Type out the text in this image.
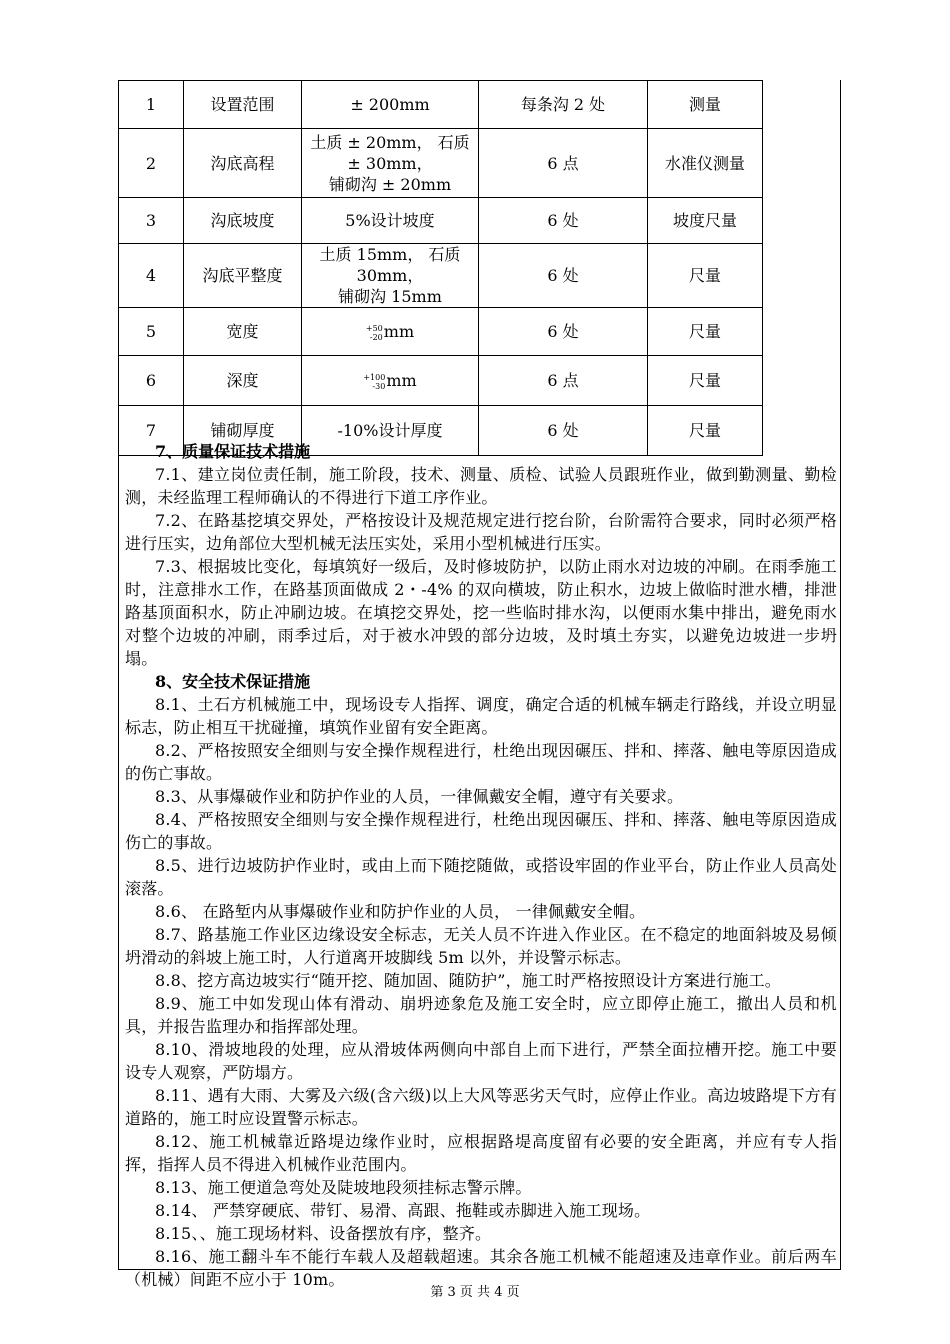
1	设置范围	± 200mm	每条沟 2 处	测量
2	沟底高程	土质 ± 20mm， 石质
± 30mm，
铺砌沟 ± 20mm	6 点	水准仪测量
3	沟底坡度	5%设计坡度	6 处	坡度尺量
4	沟底平整度	土质 15mm， 石质 30mm，
铺砌沟 15mm	6 处	尺量
5	宽度	+50
-20 mm	6 处	尺量
6	深度	+100
-30 mm	6 点	尺量
7	铺砌厚度	-10%设计厚度	6 处	尺量
7、质量保证技术措施
7.1、建立岗位责任制，施工阶段，技术、测量、质检、试验人员跟班作业，做到勤测量、勤检测，未经监理工程师确认的不得进行下道工序作业。
7.2、在路基挖填交界处，严格按设计及规范规定进行挖台阶，台阶需符合要求，同时必须严格进行压实，边角部位大型机械无法压实处，采用小型机械进行压实。
7.3、根据坡比变化，每填筑好一级后，及时修坡防护，以防止雨水对边坡的冲刷。在雨季施工时，注意排水工作，在路基顶面做成 2・-4% 的双向横坡，防止积水，边坡上做临时泄水槽，排泄路基顶面积水，防止冲刷边坡。在填挖交界处，挖一些临时排水沟，以便雨水集中排出，避免雨水对整个边坡的冲刷，雨季过后，对于被水冲毁的部分边坡，及时填土夯实，以避免边坡进一步坍塌。
8、安全技术保证措施
8.1、土石方机械施工中，现场设专人指挥、调度，确定合适的机械车辆走行路线，并设立明显标志，防止相互干扰碰撞，填筑作业留有安全距离。
8.2、严格按照安全细则与安全操作规程进行，杜绝出现因碾压、拌和、摔落、触电等原因造成的伤亡事故。
8.3、从事爆破作业和防护作业的人员，一律佩戴安全帽，遵守有关要求。
8.4、严格按照安全细则与安全操作规程进行，杜绝出现因碾压、拌和、摔落、触电等原因造成伤亡的事故。
8.5、进行边坡防护作业时，或由上而下随挖随做，或搭设牢固的作业平台，防止作业人员高处滚落。
8.6、 在路堑内从事爆破作业和防护作业的人员， 一律佩戴安全帽。
8.7、路基施工作业区边缘设安全标志，无关人员不许进入作业区。在不稳定的地面斜坡及易倾坍滑动的斜坡上施工时，人行道离开坡脚线 5m 以外，并设警示标志。
8.8、挖方高边坡实行“随开挖、随加固、随防护”，施工时严格按照设计方案进行施工。
8.9、施工中如发现山体有滑动、崩坍迹象危及施工安全时，应立即停止施工，撤出人员和机具，并报告监理办和指挥部处理。
8.10、滑坡地段的处理，应从滑坡体两侧向中部自上而下进行，严禁全面拉槽开挖。施工中要设专人观察，严防塌方。
8.11、遇有大雨、大雾及六级(含六级)以上大风等恶劣天气时，应停止作业。高边坡路堤下方有道路的，施工时应设置警示标志。
8.12、施工机械靠近路堤边缘作业时，应根据路堤高度留有必要的安全距离，并应有专人指挥，指挥人员不得进入机械作业范围内。
8.13、施工便道急弯处及陡坡地段须挂标志警示牌。
8.14、 严禁穿硬底、带钉、易滑、高跟、拖鞋或赤脚进入施工现场。
8.15、、施工现场材料、设备摆放有序，整齐。
8.16、施工翻斗车不能行车载人及超载超速。其余各施工机械不能超速及违章作业。前后两车（机械）间距不应小于 10m。
第 3 页 共 4 页
